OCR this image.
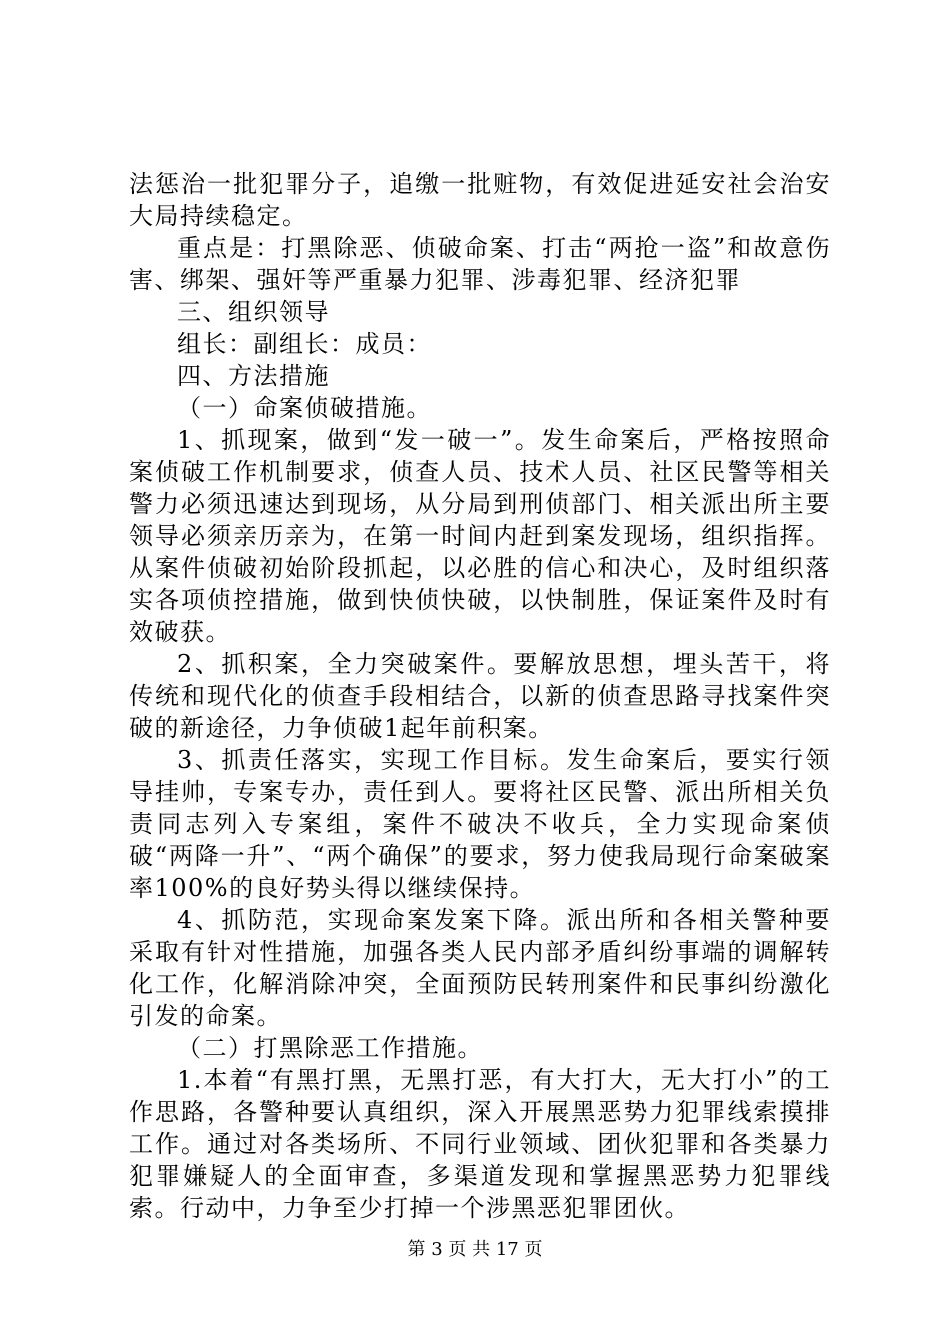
法惩治一批犯罪分子，追缴一批赃物，有效促进延安社会治安大局持续稳定。

重点是：打黑除恶、侦破命案、打击“两抢一盗”和故意伤害、绑架、强奸等严重暴力犯罪、涉毒犯罪、经济犯罪

三、组织领导

组长：副组长：成员：

四、方法措施

（一）命案侦破措施。

1、抓现案，做到“发一破一”。发生命案后，严格按照命案侦破工作机制要求，侦查人员、技术人员、社区民警等相关警力必须迅速达到现场，从分局到刑侦部门、相关派出所主要领导必须亲历亲为，在第一时间内赶到案发现场，组织指挥。从案件侦破初始阶段抓起，以必胜的信心和决心，及时组织落实各项侦控措施，做到快侦快破，以快制胜，保证案件及时有效破获。

2、抓积案，全力突破案件。要解放思想，埋头苦干，将传统和现代化的侦查手段相结合，以新的侦查思路寻找案件突破的新途径，力争侦破1起年前积案。

3、抓责任落实，实现工作目标。发生命案后，要实行领导挂帅，专案专办，责任到人。要将社区民警、派出所相关负责同志列入专案组，案件不破决不收兵，全力实现命案侦破“两降一升”、“两个确保”的要求，努力使我局现行命案破案率100%的良好势头得以继续保持。

4、抓防范，实现命案发案下降。派出所和各相关警种要采取有针对性措施，加强各类人民内部矛盾纠纷事端的调解转化工作，化解消除冲突，全面预防民转刑案件和民事纠纷激化引发的命案。

（二）打黑除恶工作措施。

1.本着“有黑打黑，无黑打恶，有大打大，无大打小”的工作思路，各警种要认真组织，深入开展黑恶势力犯罪线索摸排工作。通过对各类场所、不同行业领域、团伙犯罪和各类暴力犯罪嫌疑人的全面审查，多渠道发现和掌握黑恶势力犯罪线索。行动中，力争至少打掉一个涉黑恶犯罪团伙。

第 3 页 共 17 页
